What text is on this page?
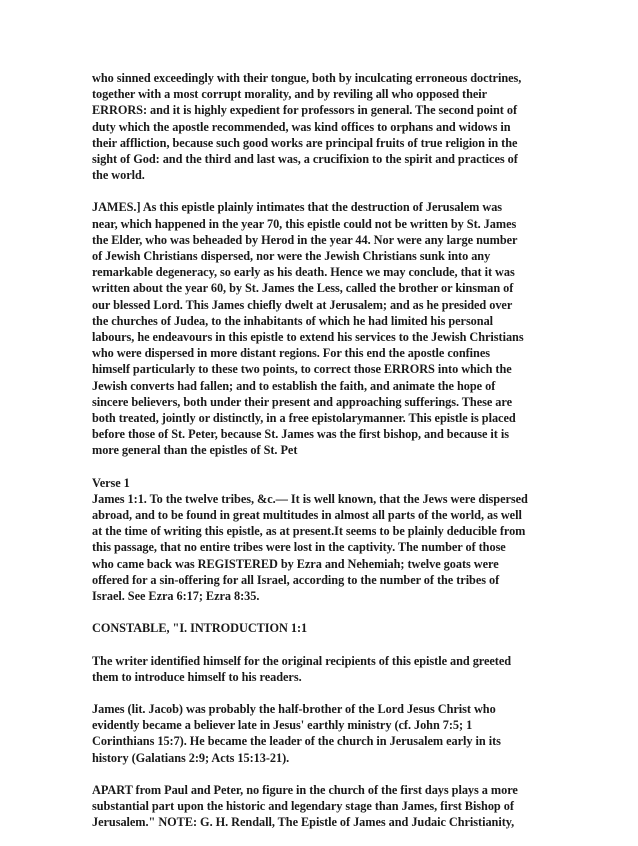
who sinned exceedingly with their tongue, both by inculcating erroneous doctrines,
together with a most corrupt morality, and by reviling all who opposed their
ERRORS: and it is highly expedient for professors in general. The second point of
duty which the apostle recommended, was kind offices to orphans and widows in
their affliction, because such good works are principal fruits of true religion in the
sight of God: and the third and last was, a crucifixion to the spirit and practices of
the world.

JAMES.] As this epistle plainly intimates that the destruction of Jerusalem was
near, which happened in the year 70, this epistle could not be written by St. James
the Elder, who was beheaded by Herod in the year 44. Nor were any large number
of Jewish Christians dispersed, nor were the Jewish Christians sunk into any
remarkable degeneracy, so early as his death. Hence we may conclude, that it was
written about the year 60, by St. James the Less, called the brother or kinsman of
our blessed Lord. This James chiefly dwelt at Jerusalem; and as he presided over
the churches of Judea, to the inhabitants of which he had limited his personal
labours, he endeavours in this epistle to extend his services to the Jewish Christians
who were dispersed in more distant regions. For this end the apostle confines
himself particularly to these two points, to correct those ERRORS into which the
Jewish converts had fallen; and to establish the faith, and animate the hope of
sincere believers, both under their present and approaching sufferings. These are
both treated, jointly or distinctly, in a free epistolarymanner. This epistle is placed
before those of St. Peter, because St. James was the first bishop, and because it is
more general than the epistles of St. Pet

Verse 1
James 1:1. To the twelve tribes, &c.— It is well known, that the Jews were dispersed
abroad, and to be found in great multitudes in almost all parts of the world, as well
at the time of writing this epistle, as at present.It seems to be plainly deducible from
this passage, that no entire tribes were lost in the captivity. The number of those
who came back was REGISTERED by Ezra and Nehemiah; twelve goats were
offered for a sin-offering for all Israel, according to the number of the tribes of
Israel. See Ezra 6:17; Ezra 8:35.

CONSTABLE, "I. INTRODUCTION 1:1

The writer identified himself for the original recipients of this epistle and greeted
them to introduce himself to his readers.

James (lit. Jacob) was probably the half-brother of the Lord Jesus Christ who
evidently became a believer late in Jesus' earthly ministry (cf. John 7:5; 1
Corinthians 15:7). He became the leader of the church in Jerusalem early in its
history (Galatians 2:9; Acts 15:13-21).

APART from Paul and Peter, no figure in the church of the first days plays a more
substantial part upon the historic and legendary stage than James, first Bishop of
Jerusalem." NOTE: G. H. Rendall, The Epistle of James and Judaic Christianity,
